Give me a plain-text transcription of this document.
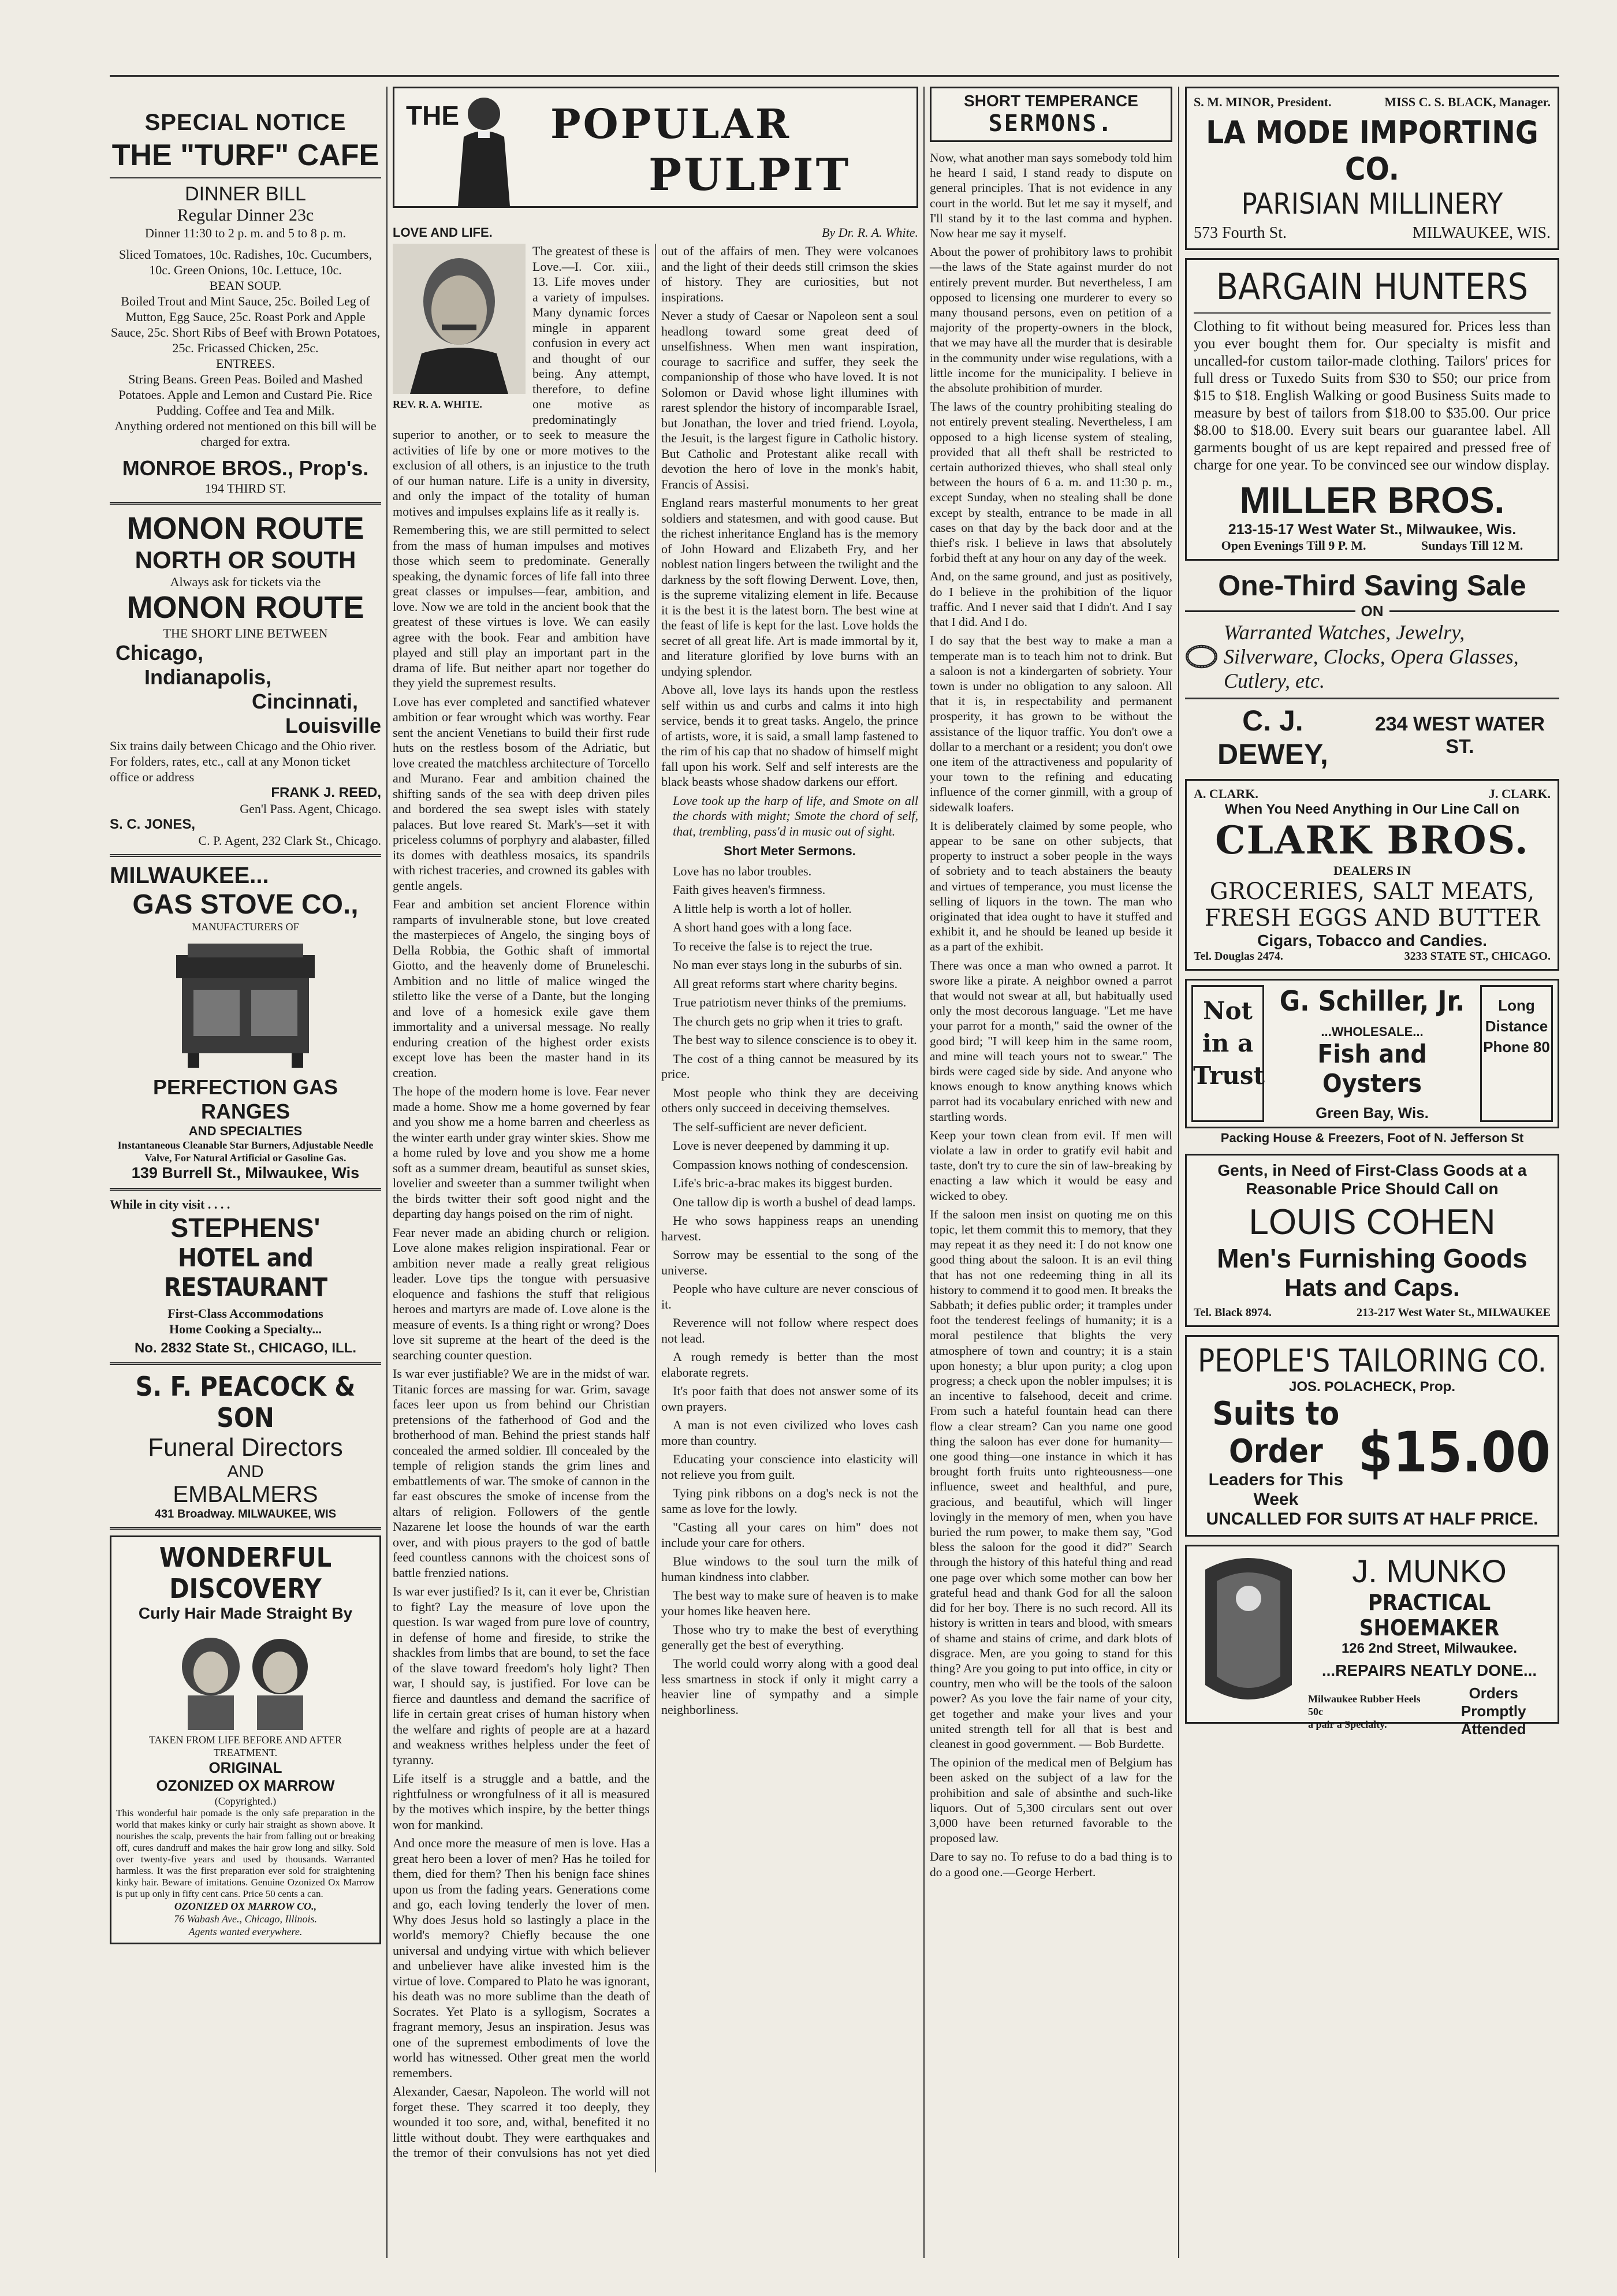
SPECIAL NOTICE
THE "TURF" CAFE
DINNER BILL
Regular Dinner 23c
Dinner 11:30 to 2 p. m. and 5 to 8 p. m.
Sliced Tomatoes, 10c. Radishes, 10c. Cucumbers, 10c. Green Onions, 10c. Lettuce, 10c.
BEAN SOUP.
Boiled Trout and Mint Sauce, 25c. Boiled Leg of Mutton, Egg Sauce, 25c. Roast Pork and Apple Sauce, 25c. Short Ribs of Beef with Brown Potatoes, 25c. Fricassed Chicken, 25c.
ENTREES.
String Beans. Green Peas. Boiled and Mashed Potatoes. Apple and Lemon and Custard Pie. Rice Pudding. Coffee and Tea and Milk.
Anything ordered not mentioned on this bill will be charged for extra.
MONROE BROS., Prop's.
194 THIRD ST.
MONON ROUTE
NORTH OR SOUTH
Always ask for tickets via the
MONON ROUTE
THE SHORT LINE BETWEEN
Chicago,
Indianapolis,
Cincinnati,
Louisville
Six trains daily between Chicago and the Ohio river.
For folders, rates, etc., call at any Monon ticket office or address
FRANK J. REED,
Gen'l Pass. Agent, Chicago.
S. C. JONES,
C. P. Agent, 232 Clark St., Chicago.
MILWAUKEE...
GAS STOVE CO.,
MANUFACTURERS OF
PERFECTION GAS RANGES
AND SPECIALTIES
Instantaneous Cleanable Star Burners, Adjustable Needle Valve, For Natural Artificial or Gasoline Gas.
139 Burrell St., Milwaukee, Wis
While in city visit . . . .
STEPHENS'
HOTEL and RESTAURANT
First-Class Accommodations
Home Cooking a Specialty...
No. 2832 State St., CHICAGO, ILL.
S. F. PEACOCK & SON
Funeral Directors
AND
EMBALMERS
431 Broadway. MILWAUKEE, WIS
WONDERFUL
DISCOVERY
Curly Hair Made Straight By
TAKEN FROM LIFE BEFORE AND AFTER TREATMENT.
ORIGINAL
OZONIZED OX MARROW
(Copyrighted.)
This wonderful hair pomade is the only safe preparation in the world that makes kinky or curly hair straight as shown above. It nourishes the scalp, prevents the hair from falling out or breaking off, cures dandruff and makes the hair grow long and silky. Sold over twenty-five years and used by thousands. Warranted harmless. It was the first preparation ever sold for straightening kinky hair. Beware of imitations. Genuine Ozonized Ox Marrow is put up only in fifty cent cans. Price 50 cents a can.
OZONIZED OX MARROW CO.,
76 Wabash Ave., Chicago, Illinois.
Agents wanted everywhere.
THE POPULAR
PULPIT
LOVE AND LIFE.	By Dr. R. A. White.
REV. R. A. WHITE.

The greatest of these is Love.—I. Cor. xiii., 13. Life moves under a variety of impulses. Many dynamic forces mingle in apparent confusion in every act and thought of our being. Any attempt, therefore, to define one motive as predominatingly superior to another, or to seek to measure the activities of life by one or more motives to the exclusion of all others, is an injustice to the truth of our human nature. Life is a unity in diversity, and only the impact of the totality of human motives and impulses explains life as it really is.

Remembering this, we are still permitted to select from the mass of human impulses and motives those which seem to predominate. Generally speaking, the dynamic forces of life fall into three great classes or impulses—fear, ambition, and love. Now we are told in the ancient book that the greatest of these virtues is love. We can easily agree with the book. Fear and ambition have played and still play an important part in the drama of life. But neither apart nor together do they yield the supremest results.

Love has ever completed and sanctified whatever ambition or fear wrought which was worthy. Fear sent the ancient Venetians to build their first rude huts on the restless bosom of the Adriatic, but love created the matchless architecture of Torcello and Murano. Fear and ambition chained the shifting sands of the sea with deep driven piles and bordered the sea swept isles with stately palaces. But love reared St. Mark's—set it with priceless columns of porphyry and alabaster, filled its domes with deathless mosaics, its spandrils with richest traceries, and crowned its gables with gentle angels.

Fear and ambition set ancient Florence within ramparts of invulnerable stone, but love created the masterpieces of Angelo, the singing boys of Della Robbia, the Gothic shaft of immortal Giotto, and the heavenly dome of Bruneleschi. Ambition and no little of malice winged the stiletto like the verse of a Dante, but the longing and love of a homesick exile gave them immortality and a universal message. No really enduring creation of the highest order exists except love has been the master hand in its creation.

The hope of the modern home is love. Fear never made a home. Show me a home governed by fear and you show me a home barren and cheerless as the winter earth under gray winter skies. Show me a home ruled by love and you show me a home soft as a summer dream, beautiful as sunset skies, lovelier and sweeter than a summer twilight when the birds twitter their soft good night and the departing day hangs poised on the rim of night.

Fear never made an abiding church or religion. Love alone makes religion inspirational. Fear or ambition never made a really great religious leader. Love tips the tongue with persuasive eloquence and fashions the stuff that religious heroes and martyrs are made of. Love alone is the measure of events. Is a thing right or wrong? Does love sit supreme at the heart of the deed is the searching counter question.

Is war ever justifiable? We are in the midst of war. Titanic forces are massing for war. Grim, savage faces leer upon us from behind our Christian pretensions of the fatherhood of God and the brotherhood of man. Behind the priest stands half concealed the armed soldier. Ill concealed by the temple of religion stands the grim lines and embattlements of war. The smoke of cannon in the far east obscures the smoke of incense from the altars of religion. Followers of the gentle Nazarene let loose the hounds of war the earth over, and with pious prayers to the god of battle feed countless cannons with the choicest sons of battle frenzied nations.

Is war ever justified? Is it, can it ever be, Christian to fight? Lay the measure of love upon the question. Is war waged from pure love of country, in defense of home and fireside, to strike the shackles from limbs that are bound, to set the face of the slave toward freedom's holy light? Then war, I should say, is justified. For love can be fierce and dauntless and demand the sacrifice of life in certain great crises of human history when the welfare and rights of people are at a hazard and weakness writhes helpless under the feet of tyranny.

Life itself is a struggle and a battle, and the rightfulness or wrongfulness of it all is measured by the motives which inspire, by the better things won for mankind.

And once more the measure of men is love. Has a great hero been a lover of men? Has he toiled for them, died for them? Then his benign face shines upon us from the fading years. Generations come and go, each loving tenderly the lover of men. Why does Jesus hold so lastingly a place in the world's memory? Chiefly because the one universal and undying virtue with which believer and unbeliever have alike invested him is the virtue of love. Compared to Plato he was ignorant, his death was no more sublime than the death of Socrates. Yet Plato is a syllogism, Socrates a fragrant memory, Jesus an inspiration. Jesus was one of the supremest embodiments of love the world has witnessed. Other great men the world remembers.

Alexander, Caesar, Napoleon. The world will not forget these. They scarred it too deeply, they wounded it too sore, and, withal, benefited it no little without doubt. They were earthquakes and the tremor of their convulsions has not yet died out of the affairs of men. They were volcanoes and the light of their deeds still crimson the skies of history. They are curiosities, but not inspirations.

Never a study of Caesar or Napoleon sent a soul headlong toward some great deed of unselfishness. When men want inspiration, courage to sacrifice and suffer, they seek the companionship of those who have loved. It is not Solomon or David whose light illumines with rarest splendor the history of incomparable Israel, but Jonathan, the lover and tried friend. Loyola, the Jesuit, is the largest figure in Catholic history. But Catholic and Protestant alike recall with devotion the hero of love in the monk's habit, Francis of Assisi.

England rears masterful monuments to her great soldiers and statesmen, and with good cause. But the richest inheritance England has is the memory of John Howard and Elizabeth Fry, and her noblest nation lingers between the twilight and the darkness by the soft flowing Derwent. Love, then, is the supreme vitalizing element in life. Because it is the best it is the latest born. The best wine at the feast of life is kept for the last. Love holds the secret of all great life. Art is made immortal by it, and literature glorified by love burns with an undying splendor.

Above all, love lays its hands upon the restless self within us and curbs and calms it into high service, bends it to great tasks. Angelo, the prince of artists, wore, it is said, a small lamp fastened to the rim of his cap that no shadow of himself might fall upon his work. Self and self interests are the black beasts whose shadow darkens our effort.

Love took up the harp of life, and Smote on all the chords with might; Smote the chord of self, that, trembling, pass'd in music out of sight.

Short Meter Sermons.

Love has no labor troubles.

Faith gives heaven's firmness.

A little help is worth a lot of holler.

A short hand goes with a long face.

To receive the false is to reject the true.

No man ever stays long in the suburbs of sin.

All great reforms start where charity begins.

True patriotism never thinks of the premiums.

The church gets no grip when it tries to graft.

The best way to silence conscience is to obey it.

The cost of a thing cannot be measured by its price.

Most people who think they are deceiving others only succeed in deceiving themselves.

The self-sufficient are never deficient.

Love is never deepened by damming it up.

Compassion knows nothing of condescension.

Life's bric-a-brac makes its biggest burden.

One tallow dip is worth a bushel of dead lamps.

He who sows happiness reaps an unending harvest.

Sorrow may be essential to the song of the universe.

People who have culture are never conscious of it.

Reverence will not follow where respect does not lead.

A rough remedy is better than the most elaborate regrets.

It's poor faith that does not answer some of its own prayers.

A man is not even civilized who loves cash more than country.

Educating your conscience into elasticity will not relieve you from guilt.

Tying pink ribbons on a dog's neck is not the same as love for the lowly.

"Casting all your cares on him" does not include your care for others.

Blue windows to the soul turn the milk of human kindness into clabber.

The best way to make sure of heaven is to make your homes like heaven here.

Those who try to make the best of everything generally get the best of everything.

The world could worry along with a good deal less smartness in stock if only it might carry a heavier line of sympathy and a simple neighborliness.

SHORT TEMPERANCE
SERMONS.

Now, what another man says somebody told him he heard I said, I stand ready to dispute on general principles. That is not evidence in any court in the world. But let me say it myself, and I'll stand by it to the last comma and hyphen. Now hear me say it myself.

About the power of prohibitory laws to prohibit—the laws of the State against murder do not entirely prevent murder. But nevertheless, I am opposed to licensing one murderer to every so many thousand persons, even on petition of a majority of the property-owners in the block, that we may have all the murder that is desirable in the community under wise regulations, with a little income for the municipality. I believe in the absolute prohibition of murder.

The laws of the country prohibiting stealing do not entirely prevent stealing. Nevertheless, I am opposed to a high license system of stealing, provided that all theft shall be restricted to certain authorized thieves, who shall steal only between the hours of 6 a. m. and 11:30 p. m., except Sunday, when no stealing shall be done except by stealth, entrance to be made in all cases on that day by the back door and at the thief's risk. I believe in laws that absolutely forbid theft at any hour on any day of the week.

And, on the same ground, and just as positively, do I believe in the prohibition of the liquor traffic. And I never said that I didn't. And I say that I did. And I do.

I do say that the best way to make a man a temperate man is to teach him not to drink. But a saloon is not a kindergarten of sobriety. Your town is under no obligation to any saloon. All that it is, in respectability and permanent prosperity, it has grown to be without the assistance of the liquor traffic. You don't owe a dollar to a merchant or a resident; you don't owe one item of the attractiveness and popularity of your town to the refining and educating influence of the corner ginmill, with a group of sidewalk loafers.

It is deliberately claimed by some people, who appear to be sane on other subjects, that property to instruct a sober people in the ways of sobriety and to teach abstainers the beauty and virtues of temperance, you must license the selling of liquors in the town. The man who originated that idea ought to have it stuffed and exhibit it, and he should be leaned up beside it as a part of the exhibit.

There was once a man who owned a parrot. It swore like a pirate. A neighbor owned a parrot that would not swear at all, but habitually used only the most decorous language. "Let me have your parrot for a month," said the owner of the good bird; "I will keep him in the same room, and mine will teach yours not to swear." The birds were caged side by side. And anyone who knows enough to know anything knows which parrot had its vocabulary enriched with new and startling words.

Keep your town clean from evil. If men will violate a law in order to gratify evil habit and taste, don't try to cure the sin of law-breaking by enacting a law which it would be easy and wicked to obey.

If the saloon men insist on quoting me on this topic, let them commit this to memory, that they may repeat it as they need it: I do not know one good thing about the saloon. It is an evil thing that has not one redeeming thing in all its history to commend it to good men. It breaks the Sabbath; it defies public order; it tramples under foot the tenderest feelings of humanity; it is a moral pestilence that blights the very atmosphere of town and country; it is a stain upon honesty; a blur upon purity; a clog upon progress; a check upon the nobler impulses; it is an incentive to falsehood, deceit and crime. From such a hateful fountain head can there flow a clear stream? Can you name one good thing the saloon has ever done for humanity—one good thing—one instance in which it has brought forth fruits unto righteousness—one influence, sweet and healthful, and pure, gracious, and beautiful, which will linger lovingly in the memory of men, when you have buried the rum power, to make them say, "God bless the saloon for the good it did?" Search through the history of this hateful thing and read one page over which some mother can bow her grateful head and thank God for all the saloon did for her boy. There is no such record. All its history is written in tears and blood, with smears of shame and stains of crime, and dark blots of disgrace. Men, are you going to stand for this thing? Are you going to put into office, in city or country, men who will be the tools of the saloon power? As you love the fair name of your city, get together and make your lives and your united strength tell for all that is best and cleanest in good government. — Bob Burdette.

The opinion of the medical men of Belgium has been asked on the subject of a law for the prohibition and sale of absinthe and such-like liquors. Out of 5,300 circulars sent out over 3,000 have been returned favorable to the proposed law.

Dare to say no. To refuse to do a bad thing is to do a good one.—George Herbert.

S. M. MINOR, President.	MISS C. S. BLACK, Manager.
LA MODE IMPORTING CO.
PARISIAN MILLINERY
573 Fourth St.	MILWAUKEE, WIS.
BARGAIN HUNTERS
Clothing to fit without being measured for. Prices less than you ever bought them for. Our specialty is misfit and uncalled-for custom tailor-made clothing. Tailors' prices for full dress or Tuxedo Suits from $30 to $50; our price from $15 to $18. English Walking or good Business Suits made to measure by best of tailors from $18.00 to $35.00. Our price $8.00 to $18.00. Every suit bears our guarantee label. All garments bought of us are kept repaired and pressed free of charge for one year. To be convinced see our window display.
MILLER BROS.
213-15-17 West Water St., Milwaukee, Wis.
Open Evenings Till 9 P. M.	Sundays Till 12 M.
One-Third Saving Sale
ON
Warranted Watches, Jewelry, Silverware, Clocks, Opera Glasses, Cutlery, etc.
C. J. DEWEY,
234 WEST WATER ST.
A. CLARK.	J. CLARK.
When You Need Anything in Our Line Call on
CLARK BROS.
DEALERS IN
GROCERIES, SALT MEATS,
FRESH EGGS AND BUTTER
Cigars, Tobacco and Candies.
Tel. Douglas 2474.	3233 STATE ST., CHICAGO.
Not
in a
Trust
G. Schiller, Jr.
...WHOLESALE...
Fish and Oysters
Green Bay, Wis.
Long
Distance
Phone 80
Packing House & Freezers, Foot of N. Jefferson St
Gents, in Need of First-Class Goods at a Reasonable Price Should Call on
LOUIS COHEN
Men's Furnishing Goods
Hats and Caps.
Tel. Black 8974.	213-217 West Water St., MILWAUKEE
PEOPLE'S TAILORING CO.
JOS. POLACHECK, Prop.
Suits to Order
Leaders for This Week
$15.00
UNCALLED FOR SUITS AT HALF PRICE.
J. MUNKO
PRACTICAL SHOEMAKER
126 2nd Street, Milwaukee.
...REPAIRS NEATLY DONE...
Milwaukee Rubber Heels 50c
a pair a Specialty.
Orders Promptly Attended
